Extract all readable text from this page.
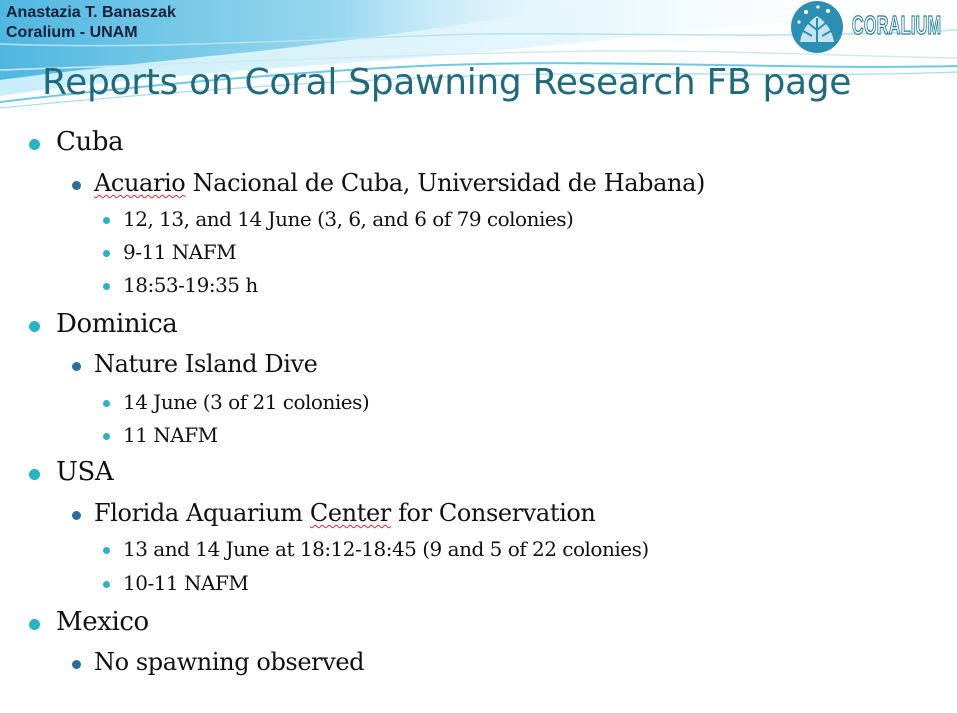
Anastazia T. Banaszak
Coralium - UNAM	CORALIUM
Reports on Coral Spawning Research FB page
Cuba
Acuario Nacional de Cuba, Universidad de Habana)
12, 13, and 14 June (3, 6, and 6 of 79 colonies)
9-11 NAFM
18:53-19:35 h
Dominica
Nature Island Dive
14 June (3 of 21 colonies)
11 NAFM
USA
Florida Aquarium Center for Conservation
13 and 14 June at 18:12-18:45 (9 and 5 of 22 colonies)
10-11 NAFM
Mexico
No spawning observed
